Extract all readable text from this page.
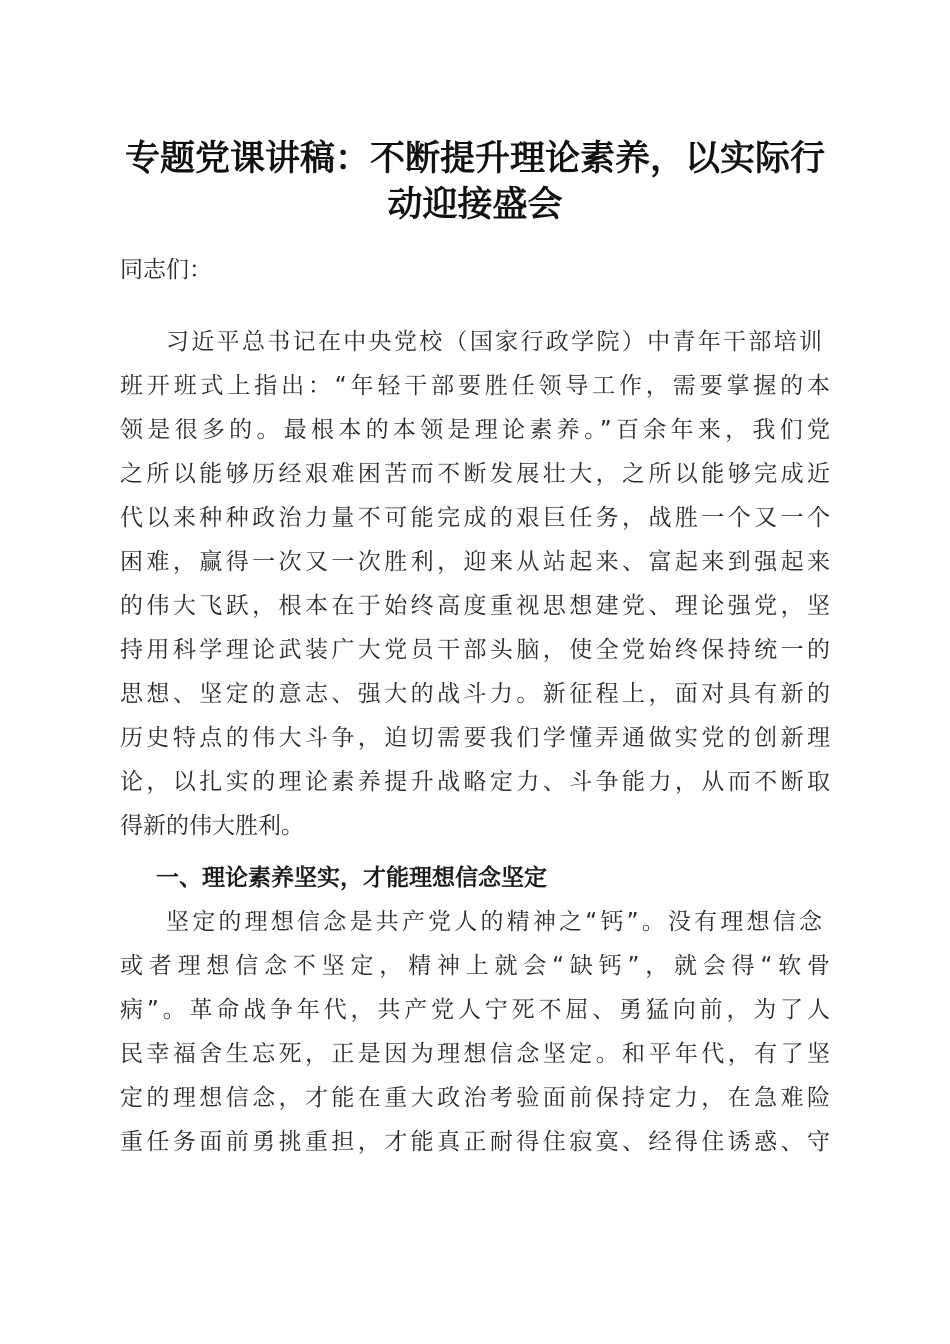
专题党课讲稿：不断提升理论素养，以实际行
动迎接盛会
同志们：
习近平总书记在中央党校（国家行政学院）中青年干部培训
班开班式上指出：“年轻干部要胜任领导工作，需要掌握的本
领是很多的。最根本的本领是理论素养。”百余年来，我们党
之所以能够历经艰难困苦而不断发展壮大，之所以能够完成近
代以来种种政治力量不可能完成的艰巨任务，战胜一个又一个
困难，赢得一次又一次胜利，迎来从站起来、富起来到强起来
的伟大飞跃，根本在于始终高度重视思想建党、理论强党，坚
持用科学理论武装广大党员干部头脑，使全党始终保持统一的
思想、坚定的意志、强大的战斗力。新征程上，面对具有新的
历史特点的伟大斗争，迫切需要我们学懂弄通做实党的创新理
论，以扎实的理论素养提升战略定力、斗争能力，从而不断取
得新的伟大胜利。
一、理论素养坚实，才能理想信念坚定
坚定的理想信念是共产党人的精神之“钙”。没有理想信念
或者理想信念不坚定，精神上就会“缺钙”，就会得“软骨
病”。革命战争年代，共产党人宁死不屈、勇猛向前，为了人
民幸福舍生忘死，正是因为理想信念坚定。和平年代，有了坚
定的理想信念，才能在重大政治考验面前保持定力，在急难险
重任务面前勇挑重担，才能真正耐得住寂寞、经得住诱惑、守
